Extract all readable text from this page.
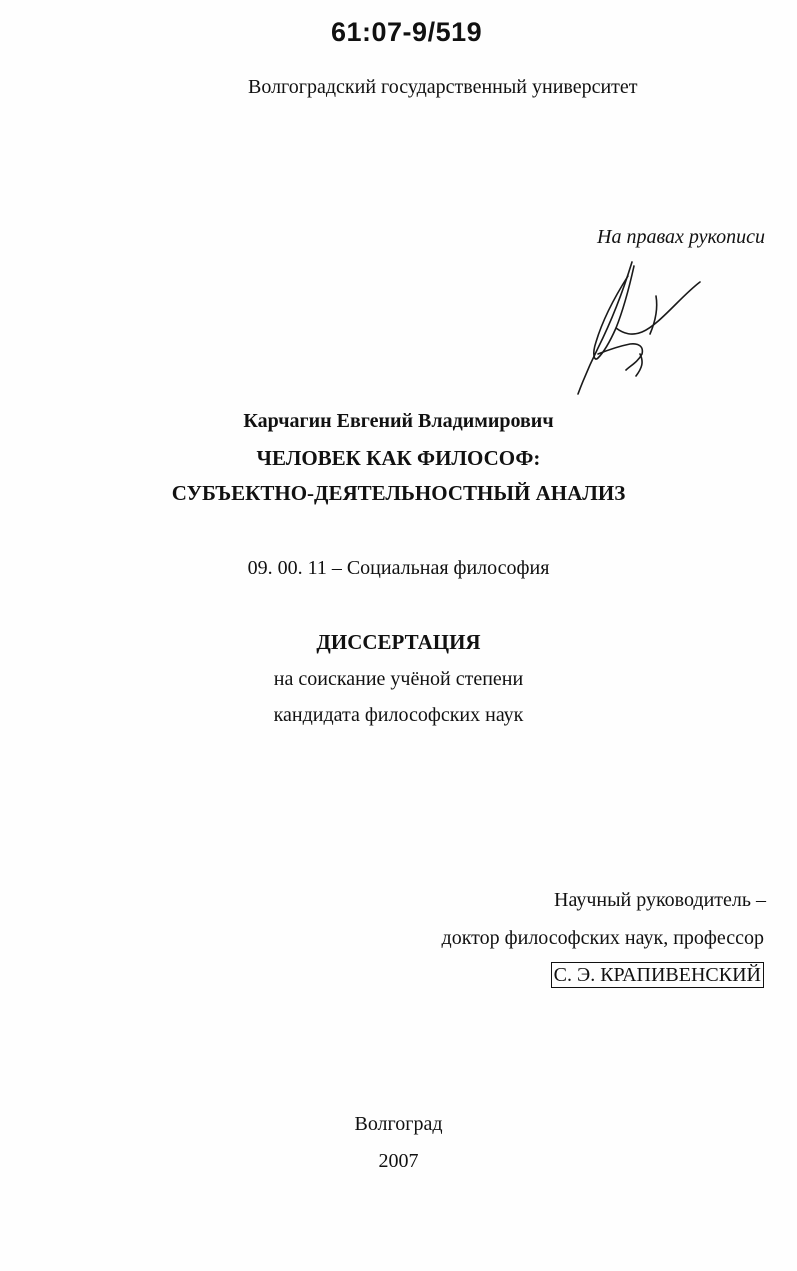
61:07-9/519
Волгоградский государственный университет
На правах рукописи
Карчагин Евгений Владимирович
ЧЕЛОВЕК КАК ФИЛОСОФ:
СУБЪЕКТНО-ДЕЯТЕЛЬНОСТНЫЙ АНАЛИЗ
09. 00. 11 – Социальная философия
ДИССЕРТАЦИЯ
на соискание учёной степени
кандидата философских наук
Научный руководитель –
доктор философских наук, профессор
С. Э. КРАПИВЕНСКИЙ
Волгоград
2007
